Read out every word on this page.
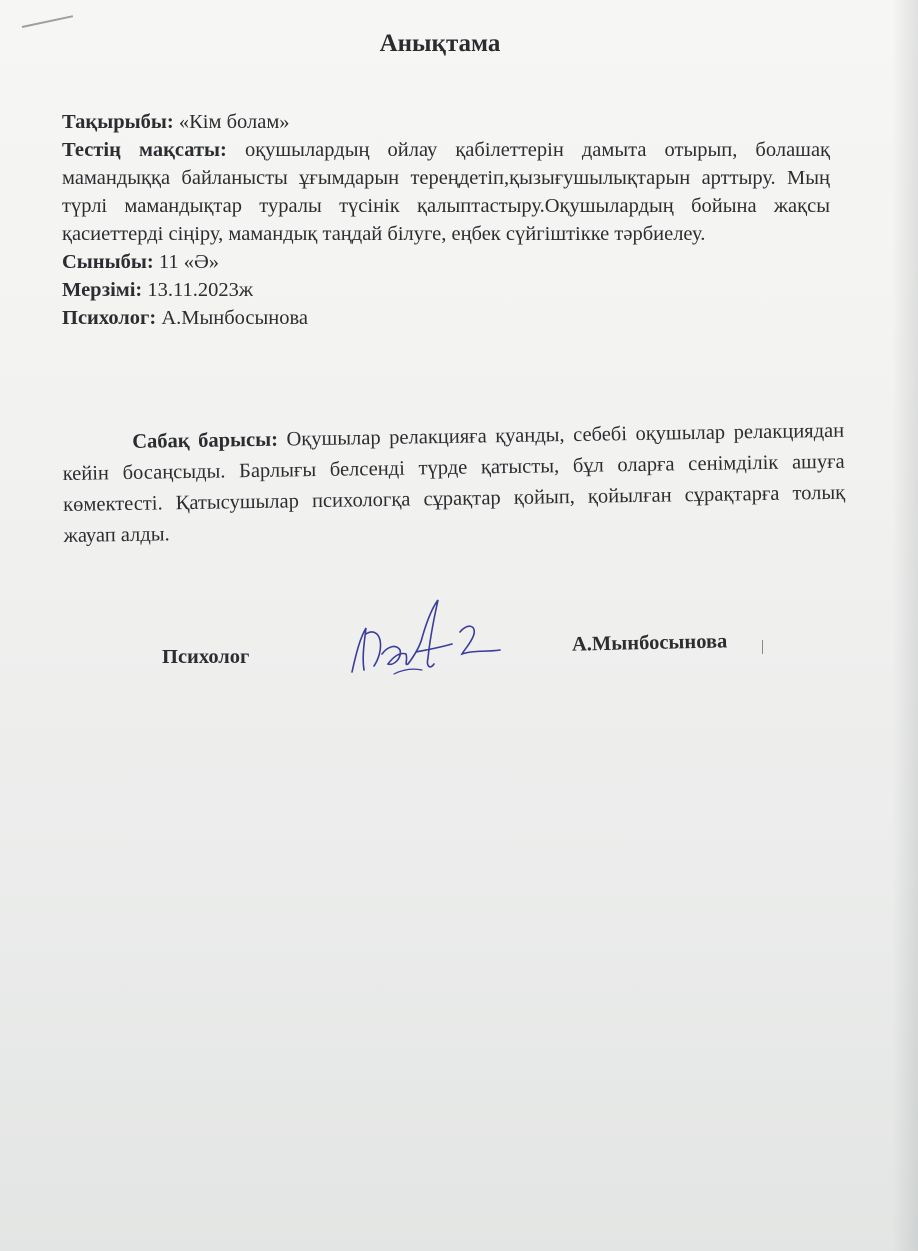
Анықтама

Тақырыбы: «Кім болам»

Тестің мақсаты: оқушылардың ойлау қабілеттерін дамыта отырып, болашақ мамандыққа байланысты ұғымдарын тереңдетіп,қызығушылықтарын арттыру. Мың түрлі мамандықтар туралы түсінік қалыптастыру.Оқушылардың бойына жақсы қасиеттерді сіңіру, мамандық таңдай білуге, еңбек сүйгіштікке тәрбиелеу.

Сыныбы: 11 «Ә»

Мерзімі: 13.11.2023ж

Психолог: А.Мынбосынова

Сабақ барысы: Оқушылар релакцияға қуанды, себебі оқушылар релакциядан кейін босаңсыды. Барлығы белсенді түрде қатысты, бұл оларға сенімділік ашуға көмектесті. Қатысушылар психологқа сұрақтар қойып, қойылған сұрақтарға толық жауап алды.

Психолог
А.Мынбосынова
